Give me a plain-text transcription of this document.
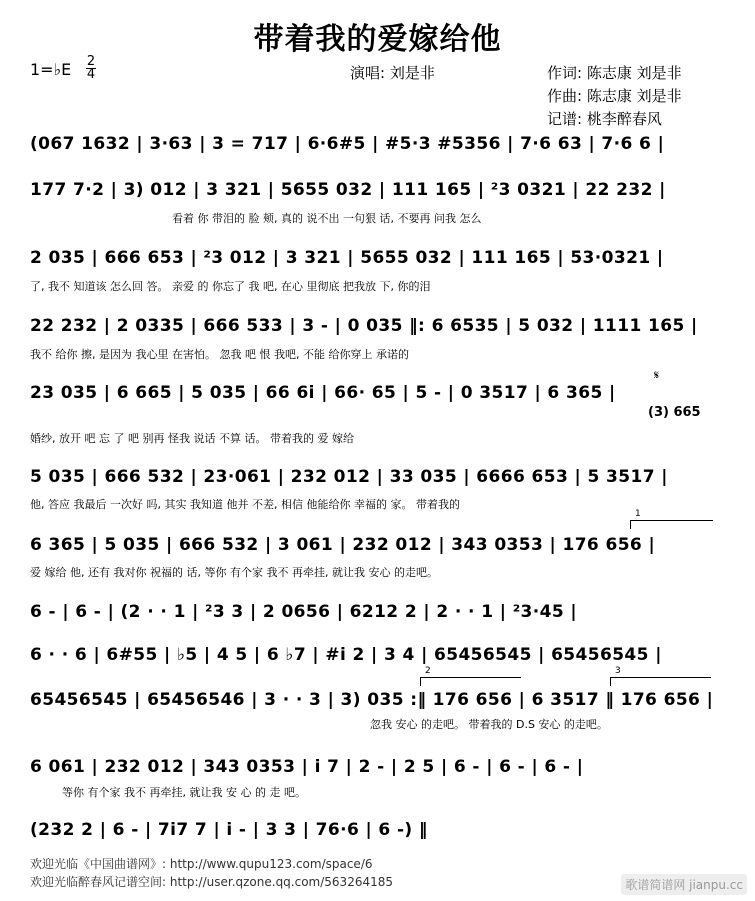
带着我的爱嫁给他
1=♭E 2
4	演唱: 刘是非	作词: 陈志康 刘是非
作曲: 陈志康 刘是非
记谱: 桃李醉春风
(067 1632 | 3·63 | 3 = 717 | 6·6#5 | #5·3 #5356 | 7·6 63 | 7·6 6 |
177 7·2 | 3) 012 | 3 321 | 5655 032 | 111 165 | ²3 0321 | 22 232 |
看着 你 带泪的 脸 颊, 真的 说不出 一句狠 话, 不要再 问我 怎么
2 035 | 666 653 | ²3 012 | 3 321 | 5655 032 | 111 165 | 53·0321 |
了, 我不 知道该 怎么回 答。 亲爱 的 你忘了 我 吧, 在心 里彻底 把我放 下, 你的泪
22 232 | 2 0335 | 666 533 | 3 - | 0 035 ‖: 6 6535 | 5 032 | 1111 165 |
我不 给你 擦, 是因为 我心里 在害怕。 忽我 吧 恨 我吧, 不能 给你穿上 承诺的
𝄋
23 035 | 6 665 | 5 035 | 66 6i | 66· 65 | 5 - | 0 3517 | 6 365 |
(3) 665
婚纱, 放开 吧 忘 了 吧 别再 怪我 说话 不算 话。 带着我的 爱 嫁给
5 035 | 666 532 | 23·061 | 232 012 | 33 035 | 6666 653 | 5 3517 |
他, 答应 我最后 一次好 吗, 其实 我知道 他并 不差, 相信 他能给你 幸福的 家。 带着我的
1
6 365 | 5 035 | 666 532 | 3 061 | 232 012 | 343 0353 | 176 656 |
爱 嫁给 他, 还有 我对你 祝福的 话, 等你 有个家 我不 再牵挂, 就让我 安心 的走吧。
6 - | 6 - | (2 · · 1 | ²3 3 | 2 0656 | 6212 2 | 2 · · 1 | ²3·45 |
6 · · 6 | 6#55 | ♭5 | 4 5 | 6 ♭7 | #i 2 | 3 4 | 65456545 | 65456545 |
2	3
65456545 | 65456546 | 3 · · 3 | 3) 035 :‖ 176 656 | 6 3517 ‖ 176 656 |
忽我 安心 的走吧。 带着我的 D.S 安心 的走吧。
6 061 | 232 012 | 343 0353 | i 7 | 2 - | 2 5 | 6 - | 6 - | 6 - |
等你 有个家 我不 再牵挂, 就让我 安 心 的 走 吧。
(232 2 | 6 - | 7i7 7 | i - | 3 3 | 76·6 | 6 -) ‖
欢迎光临《中国曲谱网》: http://www.qupu123.com/space/6
欢迎光临醉春风记谱空间: http://user.qzone.qq.com/563264185	歌谱简谱网 jianpu.cc
